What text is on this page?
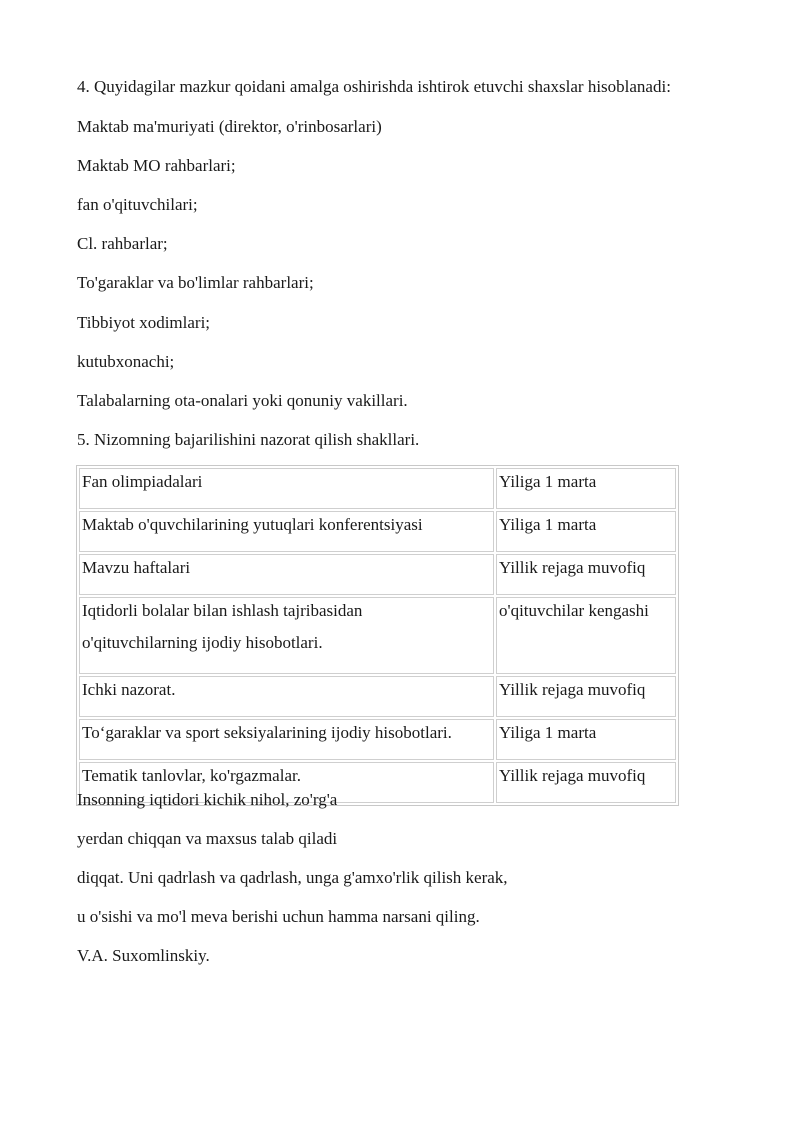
4. Quyidagilar mazkur qoidani amalga oshirishda ishtirok etuvchi shaxslar hisoblanadi:
Maktab ma'muriyati (direktor, o'rinbosarlari)
Maktab MO rahbarlari;
fan o'qituvchilari;
Cl. rahbarlar;
To'garaklar va bo'limlar rahbarlari;
Tibbiyot xodimlari;
kutubxonachi;
Talabalarning ota-onalari yoki qonuniy vakillari.
5. Nizomning bajarilishini nazorat qilish shakllari.
Fan olimpiadalari	Yiliga 1 marta
Maktab o'quvchilarining yutuqlari konferentsiyasi	Yiliga 1 marta
Mavzu haftalari	Yillik rejaga muvofiq
Iqtidorli bolalar bilan ishlash tajribasidan
o'qituvchilarning ijodiy hisobotlari.	o'qituvchilar kengashi
Ichki nazorat.	Yillik rejaga muvofiq
To‘garaklar va sport seksiyalarining ijodiy hisobotlari.	Yiliga 1 marta
Tematik tanlovlar, ko'rgazmalar.	Yillik rejaga muvofiq
Insonning iqtidori kichik nihol, zo'rg'a
yerdan chiqqan va maxsus talab qiladi
diqqat. Uni qadrlash va qadrlash, unga g'amxo'rlik qilish kerak,
u o'sishi va mo'l meva berishi uchun hamma narsani qiling.
V.A. Suxomlinskiy.
